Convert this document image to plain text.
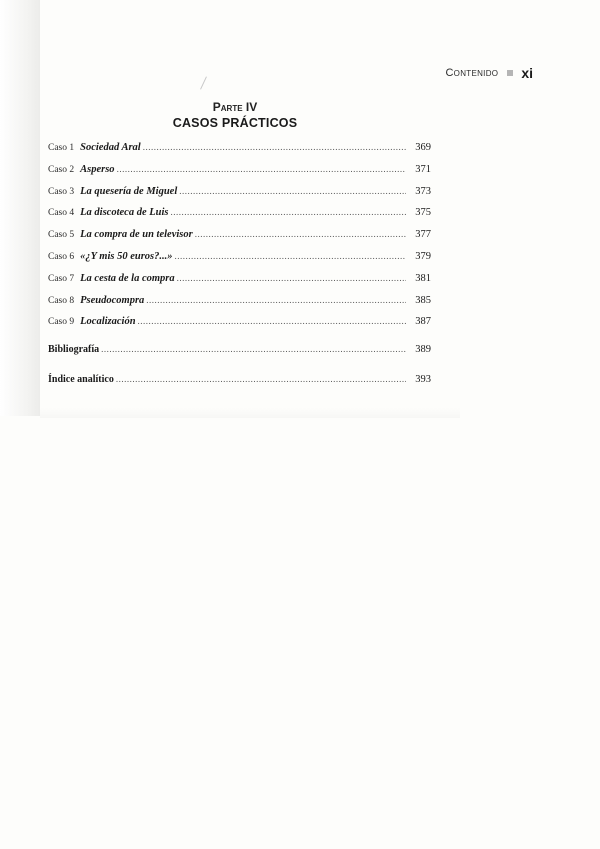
Contenido xi
Parte IV
CASOS PRÁCTICOS
Caso 1 Sociedad Aral .....	369
Caso 2 Asperso .....	371
Caso 3 La quesería de Miguel .....	373
Caso 4 La discoteca de Luis .....	375
Caso 5 La compra de un televisor .....	377
Caso 6 «¿Y mis 50 euros?...» .....	379
Caso 7 La cesta de la compra .....	381
Caso 8 Pseudocompra .....	385
Caso 9 Localización .....	387
Bibliografía .....	389
Índice analítico .....	393
